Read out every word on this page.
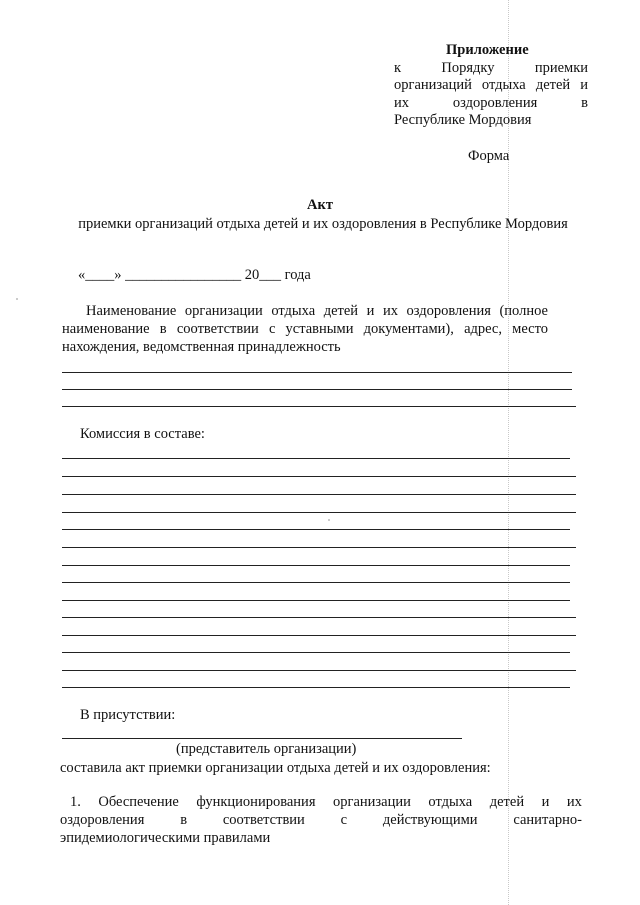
Приложение
к	Порядку	приемки
организаций отдыха детей и
их	оздоровления	в
Республике Мордовия
Форма
Акт
приемки организаций отдыха детей и их оздоровления в Республике Мордовия
«____» ________________ 20___ года
Наименование организации отдыха детей и их оздоровления (полное
наименование в соответствии с уставными документами), адрес, место
нахождения, ведомственная принадлежность
Комиссия в составе:
В присутствии:
(представитель организации)
составила акт приемки организации отдыха детей и их оздоровления:
1. Обеспечение функционирования организации отдыха детей и их
оздоровления в соответствии с действующими санитарно-
эпидемиологическими правилами
